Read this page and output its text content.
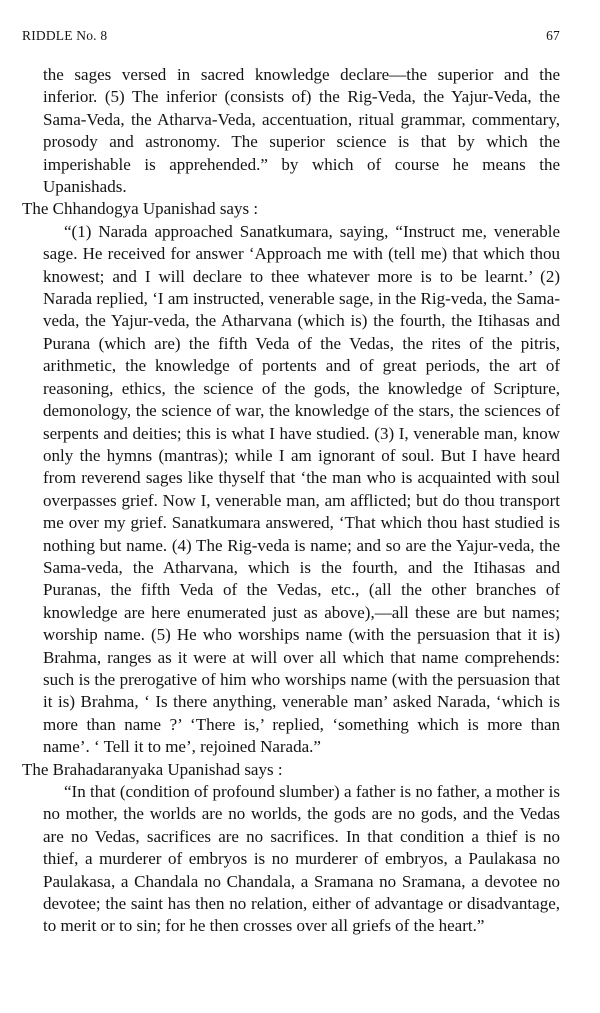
RIDDLE No. 8	67

the sages versed in sacred knowledge declare—the superior and the inferior. (5) The inferior (consists of) the Rig-Veda, the Yajur-Veda, the Sama-Veda, the Atharva-Veda, accentuation, ritual grammar, commentary, prosody and astronomy. The superior science is that by which the imperishable is apprehended.” by which of course he means the Upanishads.

The Chhandogya Upanishad says :

“(1) Narada approached Sanatkumara, saying, “Instruct me, venerable sage. He received for answer ‘Approach me with (tell me) that which thou knowest; and I will declare to thee whatever more is to be learnt.’ (2) Narada replied, ‘I am instructed, venerable sage, in the Rig-veda, the Sama-veda, the Yajur-veda, the Atharvana (which is) the fourth, the Itihasas and Purana (which are) the fifth Veda of the Vedas, the rites of the pitris, arithmetic, the knowledge of portents and of great periods, the art of reasoning, ethics, the science of the gods, the knowledge of Scripture, demonology, the science of war, the knowledge of the stars, the sciences of serpents and deities; this is what I have studied. (3) I, venerable man, know only the hymns (mantras); while I am ignorant of soul. But I have heard from reverend sages like thyself that ‘the man who is acquainted with soul overpasses grief. Now I, venerable man, am afflicted; but do thou transport me over my grief. Sanatkumara answered, ‘That which thou hast studied is nothing but name. (4) The Rig-veda is name; and so are the Yajur-veda, the Sama-veda, the Atharvana, which is the fourth, and the Itihasas and Puranas, the fifth Veda of the Vedas, etc., (all the other branches of knowledge are here enumerated just as above),—all these are but names; worship name. (5) He who worships name (with the persuasion that it is) Brahma, ranges as it were at will over all which that name comprehends: such is the prerogative of him who worships name (with the persuasion that it is) Brahma, ‘ Is there anything, venerable man’ asked Narada, ‘which is more than name ?’ ‘There is,’ replied, ‘something which is more than name’. ‘ Tell it to me’, rejoined Narada.”

The Brahadaranyaka Upanishad says :

“In that (condition of profound slumber) a father is no father, a mother is no mother, the worlds are no worlds, the gods are no gods, and the Vedas are no Vedas, sacrifices are no sacrifices. In that condition a thief is no thief, a murderer of embryos is no murderer of embryos, a Paulakasa no Paulakasa, a Chandala no Chandala, a Sramana no Sramana, a devotee no devotee; the saint has then no relation, either of advantage or disadvantage, to merit or to sin; for he then crosses over all griefs of the heart.”
